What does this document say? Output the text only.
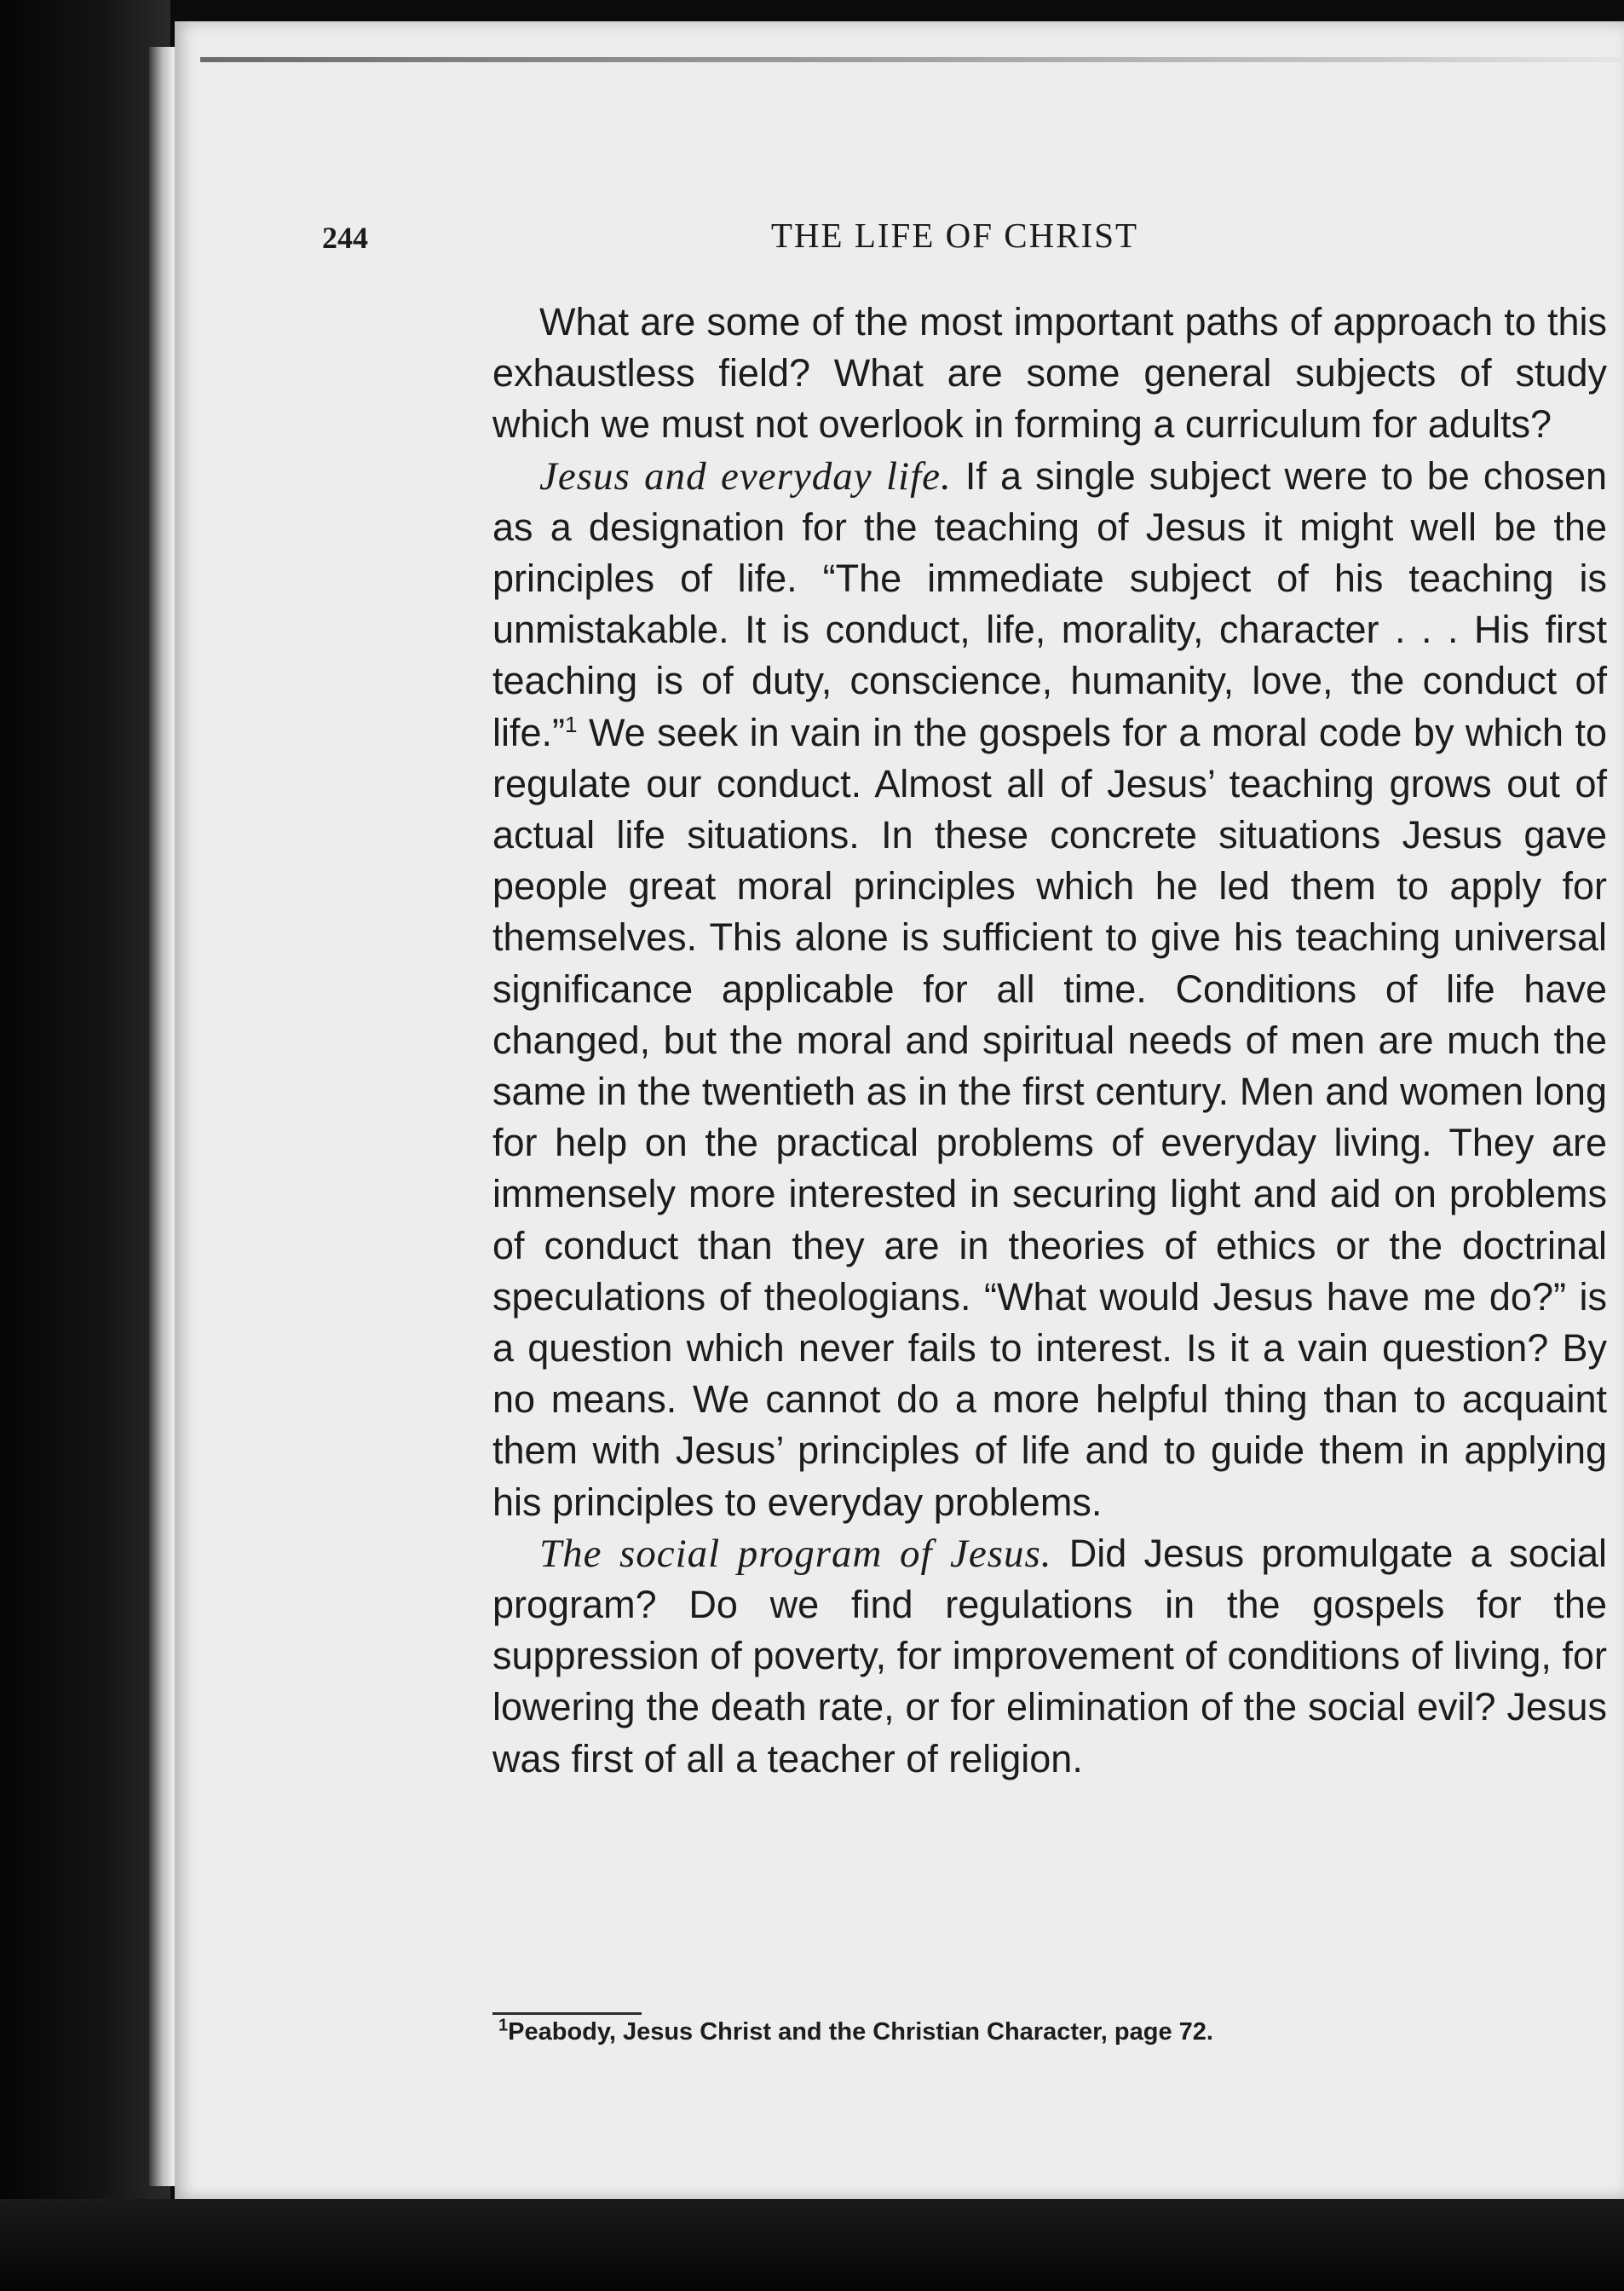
244	THE LIFE OF CHRIST

What are some of the most important paths of approach to this exhaustless field? What are some general subjects of study which we must not overlook in forming a curriculum for adults?

Jesus and everyday life. If a single subject were to be chosen as a designation for the teaching of Jesus it might well be the principles of life. “The immediate subject of his teaching is unmistakable. It is conduct, life, morality, character . . . His first teaching is of duty, conscience, humanity, love, the conduct of life.”$^1$ We seek in vain in the gospels for a moral code by which to regulate our conduct. Almost all of Jesus’ teaching grows out of actual life situations. In these concrete situations Jesus gave people great moral principles which he led them to apply for themselves. This alone is sufficient to give his teaching universal significance applicable for all time. Conditions of life have changed, but the moral and spiritual needs of men are much the same in the twentieth as in the first century. Men and women long for help on the practical problems of everyday living. They are immensely more interested in securing light and aid on problems of conduct than they are in theories of ethics or the doctrinal speculations of theologians. “What would Jesus have me do?” is a question which never fails to interest. Is it a vain question? By no means. We cannot do a more helpful thing than to acquaint them with Jesus’ principles of life and to guide them in applying his principles to everyday problems.

The social program of Jesus. Did Jesus promulgate a social program? Do we find regulations in the gospels for the suppression of poverty, for improvement of conditions of living, for lowering the death rate, or for elimination of the social evil? Jesus was first of all a teacher of religion.

$^1$Peabody, Jesus Christ and the Christian Character, page 72.
